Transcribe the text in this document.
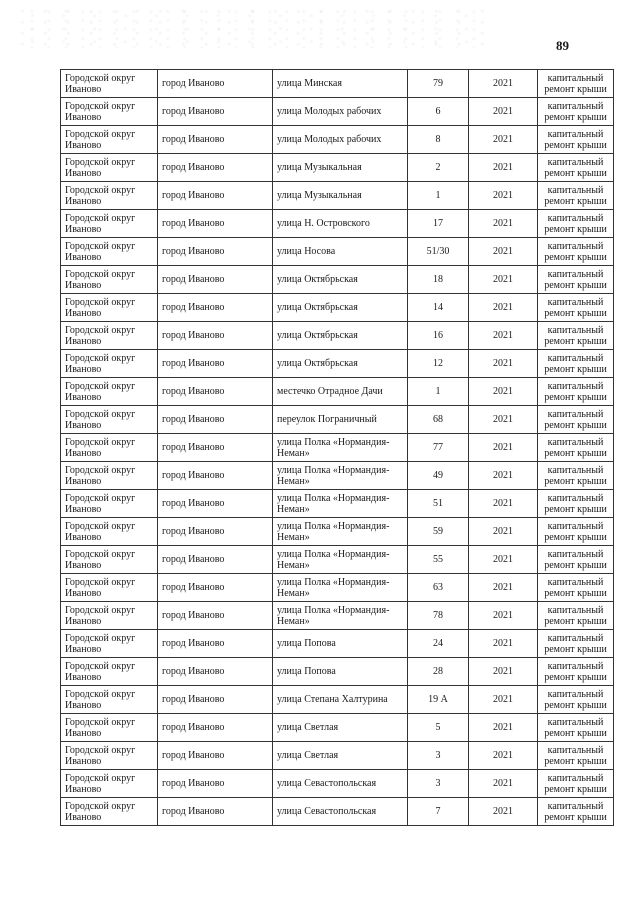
89
Городской округ Иваново	город Иваново	улица Минская	79	2021	капитальный ремонт крыши
Городской округ Иваново	город Иваново	улица Молодых рабочих	6	2021	капитальный ремонт крыши
Городской округ Иваново	город Иваново	улица Молодых рабочих	8	2021	капитальный ремонт крыши
Городской округ Иваново	город Иваново	улица Музыкальная	2	2021	капитальный ремонт крыши
Городской округ Иваново	город Иваново	улица Музыкальная	1	2021	капитальный ремонт крыши
Городской округ Иваново	город Иваново	улица Н. Островского	17	2021	капитальный ремонт крыши
Городской округ Иваново	город Иваново	улица Носова	51/30	2021	капитальный ремонт крыши
Городской округ Иваново	город Иваново	улица Октябрьская	18	2021	капитальный ремонт крыши
Городской округ Иваново	город Иваново	улица Октябрьская	14	2021	капитальный ремонт крыши
Городской округ Иваново	город Иваново	улица Октябрьская	16	2021	капитальный ремонт крыши
Городской округ Иваново	город Иваново	улица Октябрьская	12	2021	капитальный ремонт крыши
Городской округ Иваново	город Иваново	местечко Отрадное Дачи	1	2021	капитальный ремонт крыши
Городской округ Иваново	город Иваново	переулок Пограничный	68	2021	капитальный ремонт крыши
Городской округ Иваново	город Иваново	улица Полка «Нормандия-Неман»	77	2021	капитальный ремонт крыши
Городской округ Иваново	город Иваново	улица Полка «Нормандия-Неман»	49	2021	капитальный ремонт крыши
Городской округ Иваново	город Иваново	улица Полка «Нормандия-Неман»	51	2021	капитальный ремонт крыши
Городской округ Иваново	город Иваново	улица Полка «Нормандия-Неман»	59	2021	капитальный ремонт крыши
Городской округ Иваново	город Иваново	улица Полка «Нормандия-Неман»	55	2021	капитальный ремонт крыши
Городской округ Иваново	город Иваново	улица Полка «Нормандия-Неман»	63	2021	капитальный ремонт крыши
Городской округ Иваново	город Иваново	улица Полка «Нормандия-Неман»	78	2021	капитальный ремонт крыши
Городской округ Иваново	город Иваново	улица Попова	24	2021	капитальный ремонт крыши
Городской округ Иваново	город Иваново	улица Попова	28	2021	капитальный ремонт крыши
Городской округ Иваново	город Иваново	улица Степана Халтурина	19 А	2021	капитальный ремонт крыши
Городской округ Иваново	город Иваново	улица Светлая	5	2021	капитальный ремонт крыши
Городской округ Иваново	город Иваново	улица Светлая	3	2021	капитальный ремонт крыши
Городской округ Иваново	город Иваново	улица Севастопольская	3	2021	капитальный ремонт крыши
Городской округ Иваново	город Иваново	улица Севастопольская	7	2021	капитальный ремонт крыши
